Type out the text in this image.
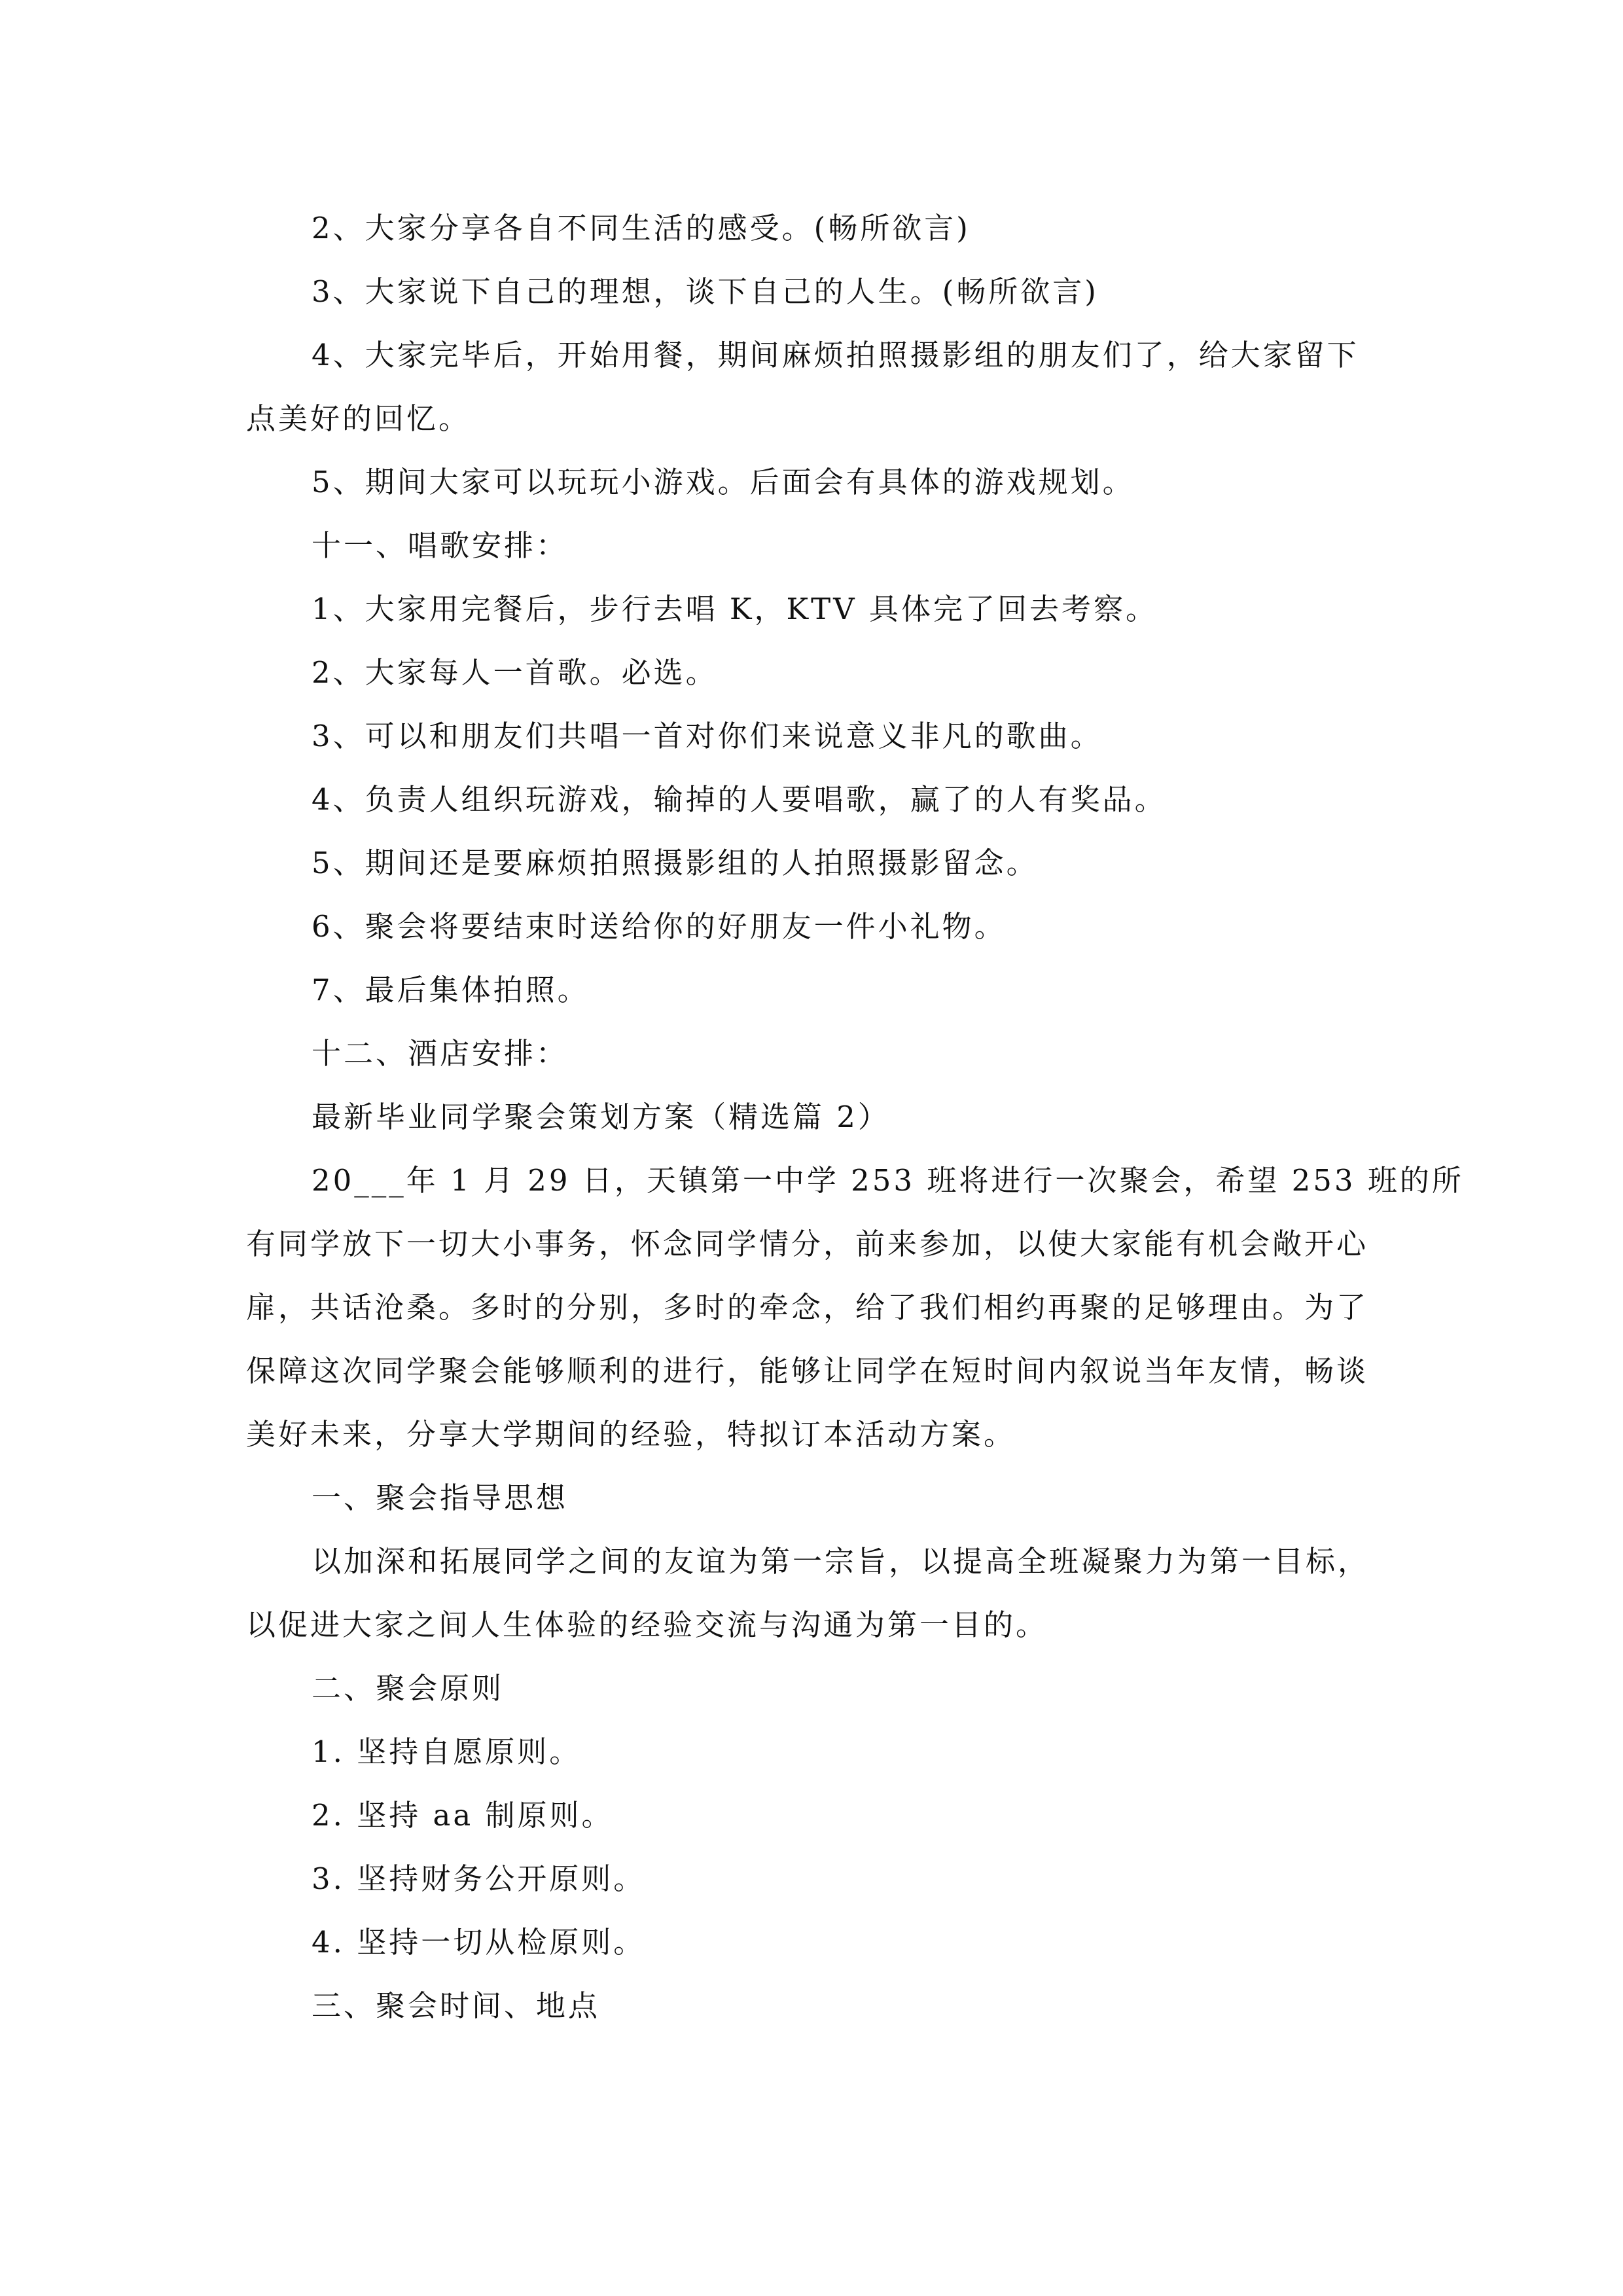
2、大家分享各自不同生活的感受。(畅所欲言)
3、大家说下自己的理想，谈下自己的人生。(畅所欲言)
4、大家完毕后，开始用餐，期间麻烦拍照摄影组的朋友们了，给大家留下
点美好的回忆。
5、期间大家可以玩玩小游戏。后面会有具体的游戏规划。
十一、唱歌安排：
1、大家用完餐后，步行去唱 K，KTV 具体完了回去考察。
2、大家每人一首歌。必选。
3、可以和朋友们共唱一首对你们来说意义非凡的歌曲。
4、负责人组织玩游戏，输掉的人要唱歌，赢了的人有奖品。
5、期间还是要麻烦拍照摄影组的人拍照摄影留念。
6、聚会将要结束时送给你的好朋友一件小礼物。
7、最后集体拍照。
十二、酒店安排：
最新毕业同学聚会策划方案（精选篇 2）
20___年 1 月 29 日，天镇第一中学 253 班将进行一次聚会，希望 253 班的所
有同学放下一切大小事务，怀念同学情分，前来参加，以使大家能有机会敞开心
扉，共话沧桑。多时的分别，多时的牵念，给了我们相约再聚的足够理由。为了
保障这次同学聚会能够顺利的进行，能够让同学在短时间内叙说当年友情，畅谈
美好未来，分享大学期间的经验，特拟订本活动方案。
一、聚会指导思想
以加深和拓展同学之间的友谊为第一宗旨，以提高全班凝聚力为第一目标，
以促进大家之间人生体验的经验交流与沟通为第一目的。
二、聚会原则
1. 坚持自愿原则。
2. 坚持 aa 制原则。
3. 坚持财务公开原则。
4. 坚持一切从检原则。
三、聚会时间、地点
